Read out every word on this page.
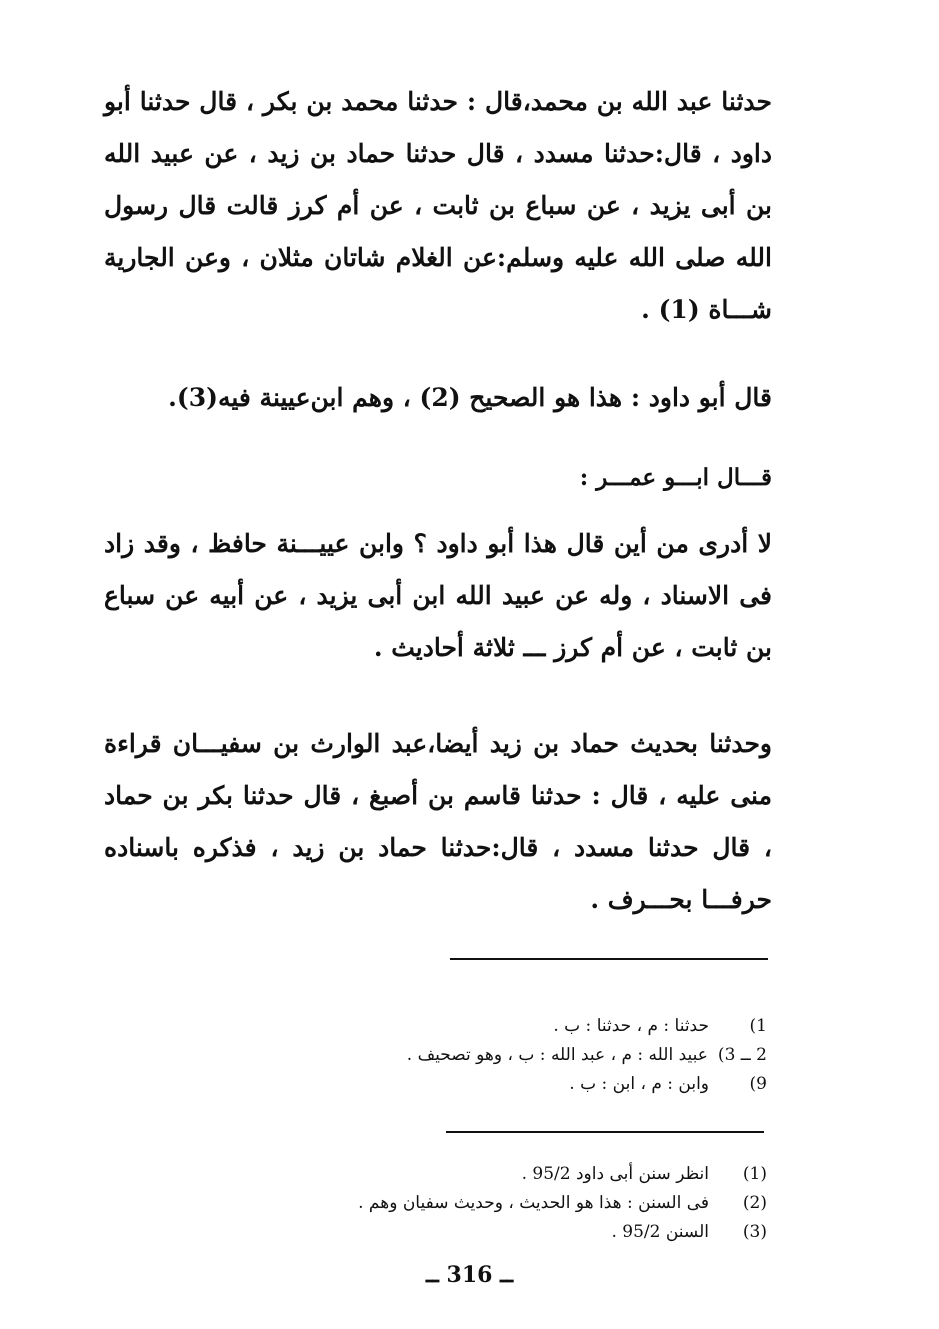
حدثنا عبد الله بن محمد،قال : حدثنا محمد بن بكر ، قال حدثنا أبو داود ، قال:حدثنا مسدد ، قال حدثنا حماد بن زيد ، عن عبيد الله بن أبى يزيد ، عن سباع بن ثابت ، عن أم كرز قالت قال رسول الله صلى الله عليه وسلم:عن الغلام شاتان مثلان ، وعن الجارية شـــاة (1) .

قال أبو داود : هذا هو الصحيح (2) ، وهم ابن‌عيينة فيه(3).

قـــال ابـــو عمـــر :

لا أدرى من أين قال هذا أبو داود ؟ وابن عييـــنة حافظ ، وقد زاد فى الاسناد ، وله عن عبيد الله ابن أبى يزيد ، عن أبيه عن سباع بن ثابت ، عن أم كرز ـــ ثلاثة أحاديث .

وحدثنا بحديث حماد بن زيد أيضا،عبد الوارث بن سفيـــان قراءة منى عليه ، قال : حدثنا قاسم بن أصبغ ، قال حدثنا بكر بن حماد ، قال حدثنا مسدد ، قال:حدثنا حماد بن زيد ، فذكره باسناده حرفـــا بحـــرف .

1)
حدثنا : م ، حدثنا : ب .
2 ــ 3)
عبيد الله : م ، عبد الله : ب ، وهو تصحيف .
9)
وابن : م ، ابن : ب .
(1)
انظر سنن أبى داود 95/2 .
(2)
فى السنن : هذا هو الحديث ، وحديث سفيان وهم .
(3)
السنن 95/2 .
ــ 316 ــ
